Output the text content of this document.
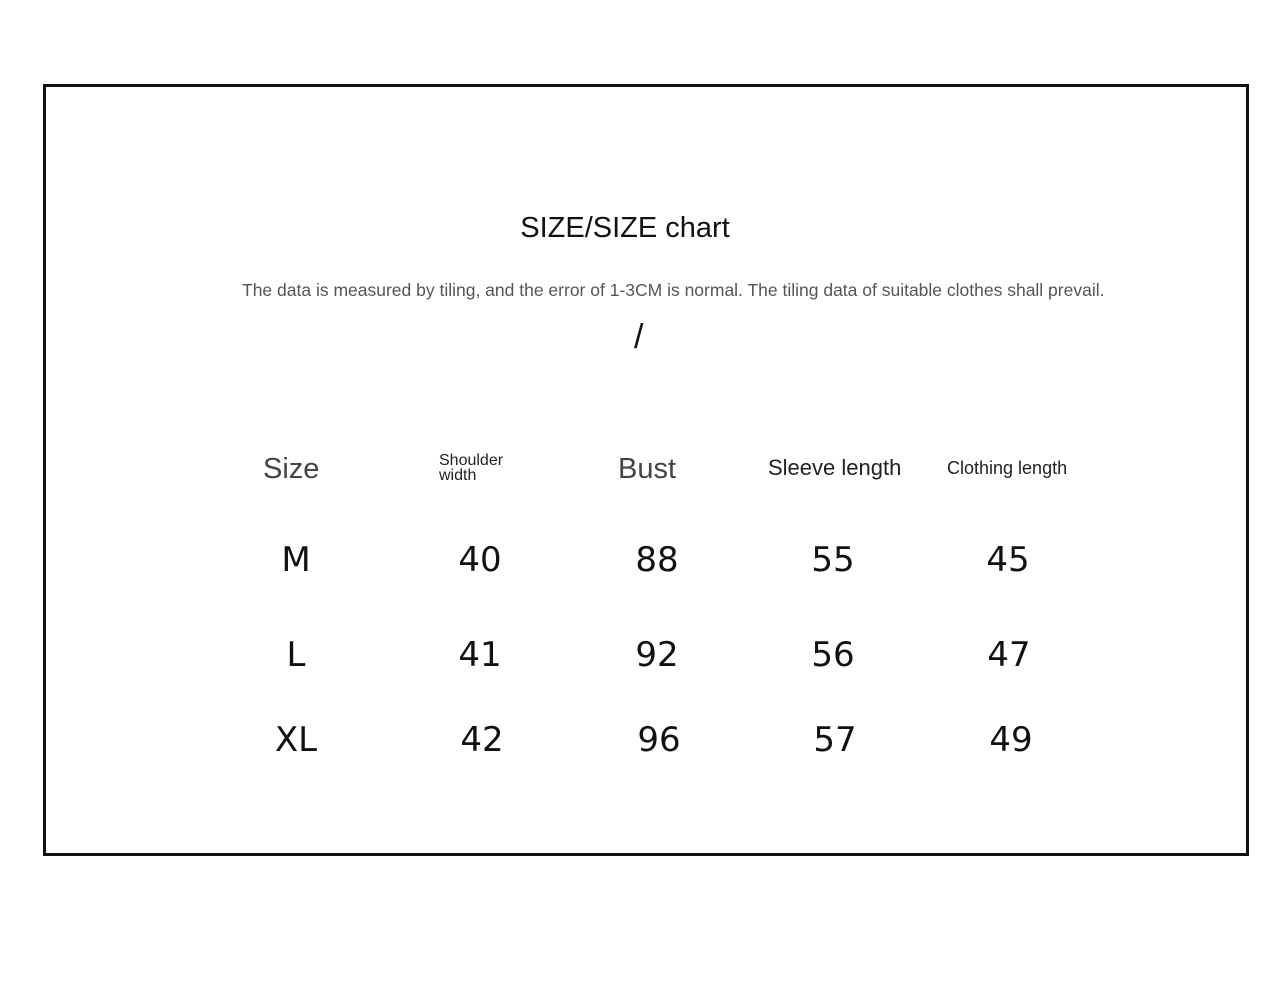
SIZE/SIZE chart
The data is measured by tiling, and the error of 1-3CM is normal. The tiling data of suitable clothes shall prevail.
/
Size	Shoulder width	Bust	Sleeve length	Clothing length
M	40	88	55	45
L	41	92	56	47
XL	42	96	57	49
